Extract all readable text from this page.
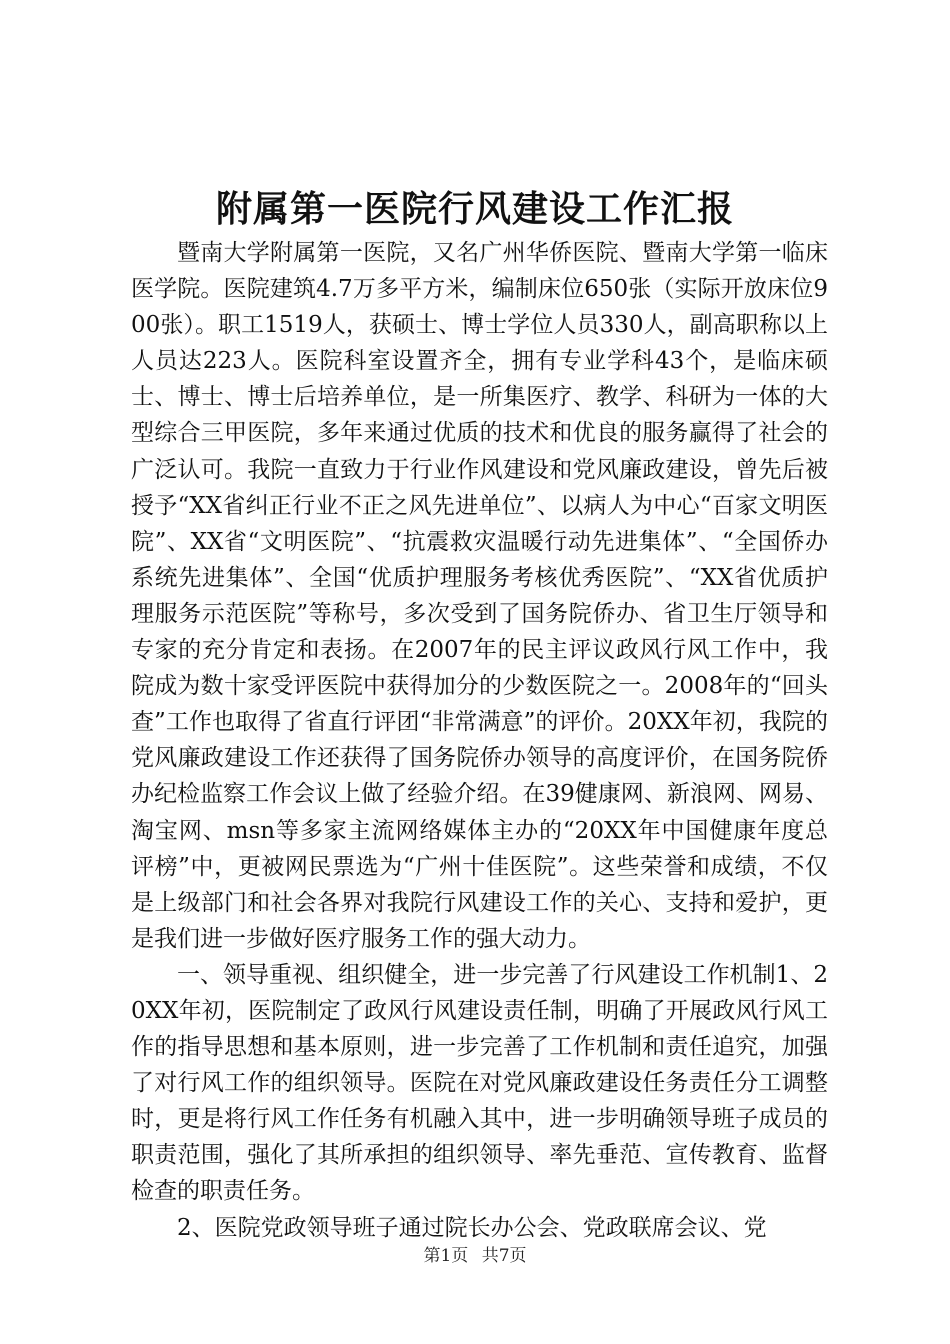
附属第一医院行风建设工作汇报

暨南大学附属第一医院，又名广州华侨医院、暨南大学第一临床医学院。医院建筑4.7万多平方米，编制床位650张（实际开放床位900张）。职工1519人，获硕士、博士学位人员330人，副高职称以上人员达223人。医院科室设置齐全，拥有专业学科43个，是临床硕士、博士、博士后培养单位，是一所集医疗、教学、科研为一体的大型综合三甲医院，多年来通过优质的技术和优良的服务赢得了社会的广泛认可。我院一直致力于行业作风建设和党风廉政建设，曾先后被授予“XX省纠正行业不正之风先进单位”、以病人为中心“百家文明医院”、XX省“文明医院”、“抗震救灾温暖行动先进集体”、“全国侨办系统先进集体”、全国“优质护理服务考核优秀医院”、“XX省优质护理服务示范医院”等称号，多次受到了国务院侨办、省卫生厅领导和专家的充分肯定和表扬。在2007年的民主评议政风行风工作中，我院成为数十家受评医院中获得加分的少数医院之一。2008年的“回头查”工作也取得了省直行评团“非常满意”的评价。20XX年初，我院的党风廉政建设工作还获得了国务院侨办领导的高度评价，在国务院侨办纪检监察工作会议上做了经验介绍。在39健康网、新浪网、网易、淘宝网、msn等多家主流网络媒体主办的“20XX年中国健康年度总评榜”中，更被网民票选为“广州十佳医院”。这些荣誉和成绩，不仅是上级部门和社会各界对我院行风建设工作的关心、支持和爱护，更是我们进一步做好医疗服务工作的强大动力。

一、领导重视、组织健全，进一步完善了行风建设工作机制1、20XX年初，医院制定了政风行风建设责任制，明确了开展政风行风工作的指导思想和基本原则，进一步完善了工作机制和责任追究，加强了对行风工作的组织领导。医院在对党风廉政建设任务责任分工调整时，更是将行风工作任务有机融入其中，进一步明确领导班子成员的职责范围，强化了其所承担的组织领导、率先垂范、宣传教育、监督检查的职责任务。

2、医院党政领导班子通过院长办公会、党政联席会议、党

第1页 共7页
